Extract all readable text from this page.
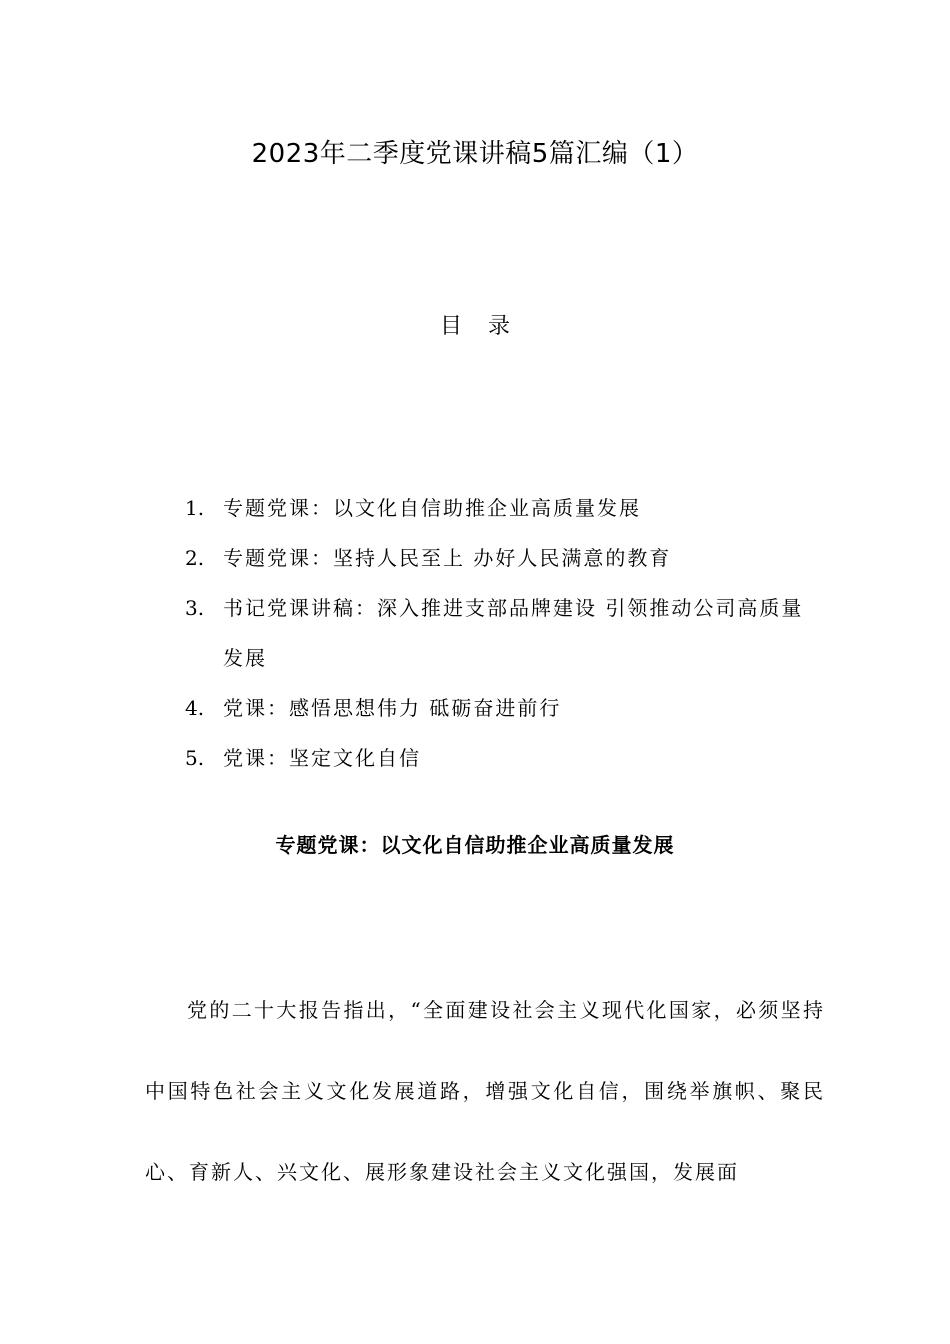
2023年二季度党课讲稿5篇汇编（1）
目录
1. 专题党课：以文化自信助推企业高质量发展
2. 专题党课：坚持人民至上 办好人民满意的教育
3. 书记党课讲稿：深入推进支部品牌建设 引领推动公司高质量发展
4. 党课：感悟思想伟力 砥砺奋进前行
5. 党课：坚定文化自信
专题党课：以文化自信助推企业高质量发展

党的二十大报告指出，“全面建设社会主义现代化国家，必须坚持中国特色社会主义文化发展道路，增强文化自信，围绕举旗帜、聚民心、育新人、兴文化、展形象建设社会主义文化强国，发展面
